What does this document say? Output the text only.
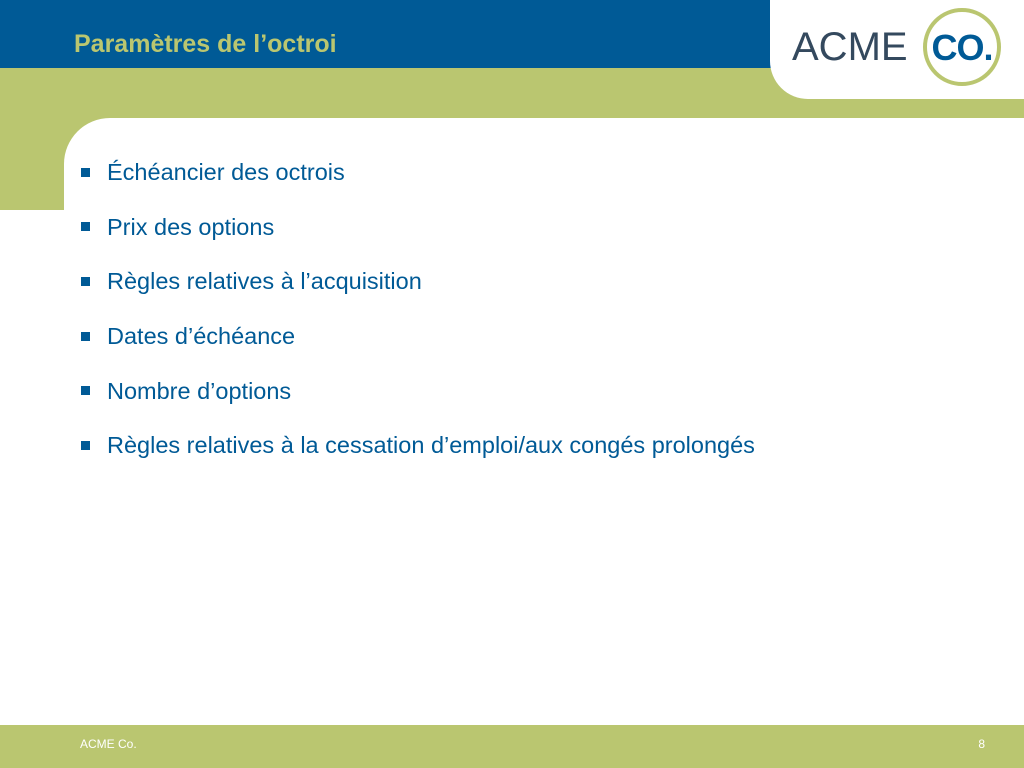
Paramètres de l’octroi	ACME CO.
Échéancier des octrois
Prix des options
Règles relatives à l’acquisition
Dates d’échéance
Nombre d’options
Règles relatives à la cessation d’emploi/aux congés prolongés
ACME Co.	8
